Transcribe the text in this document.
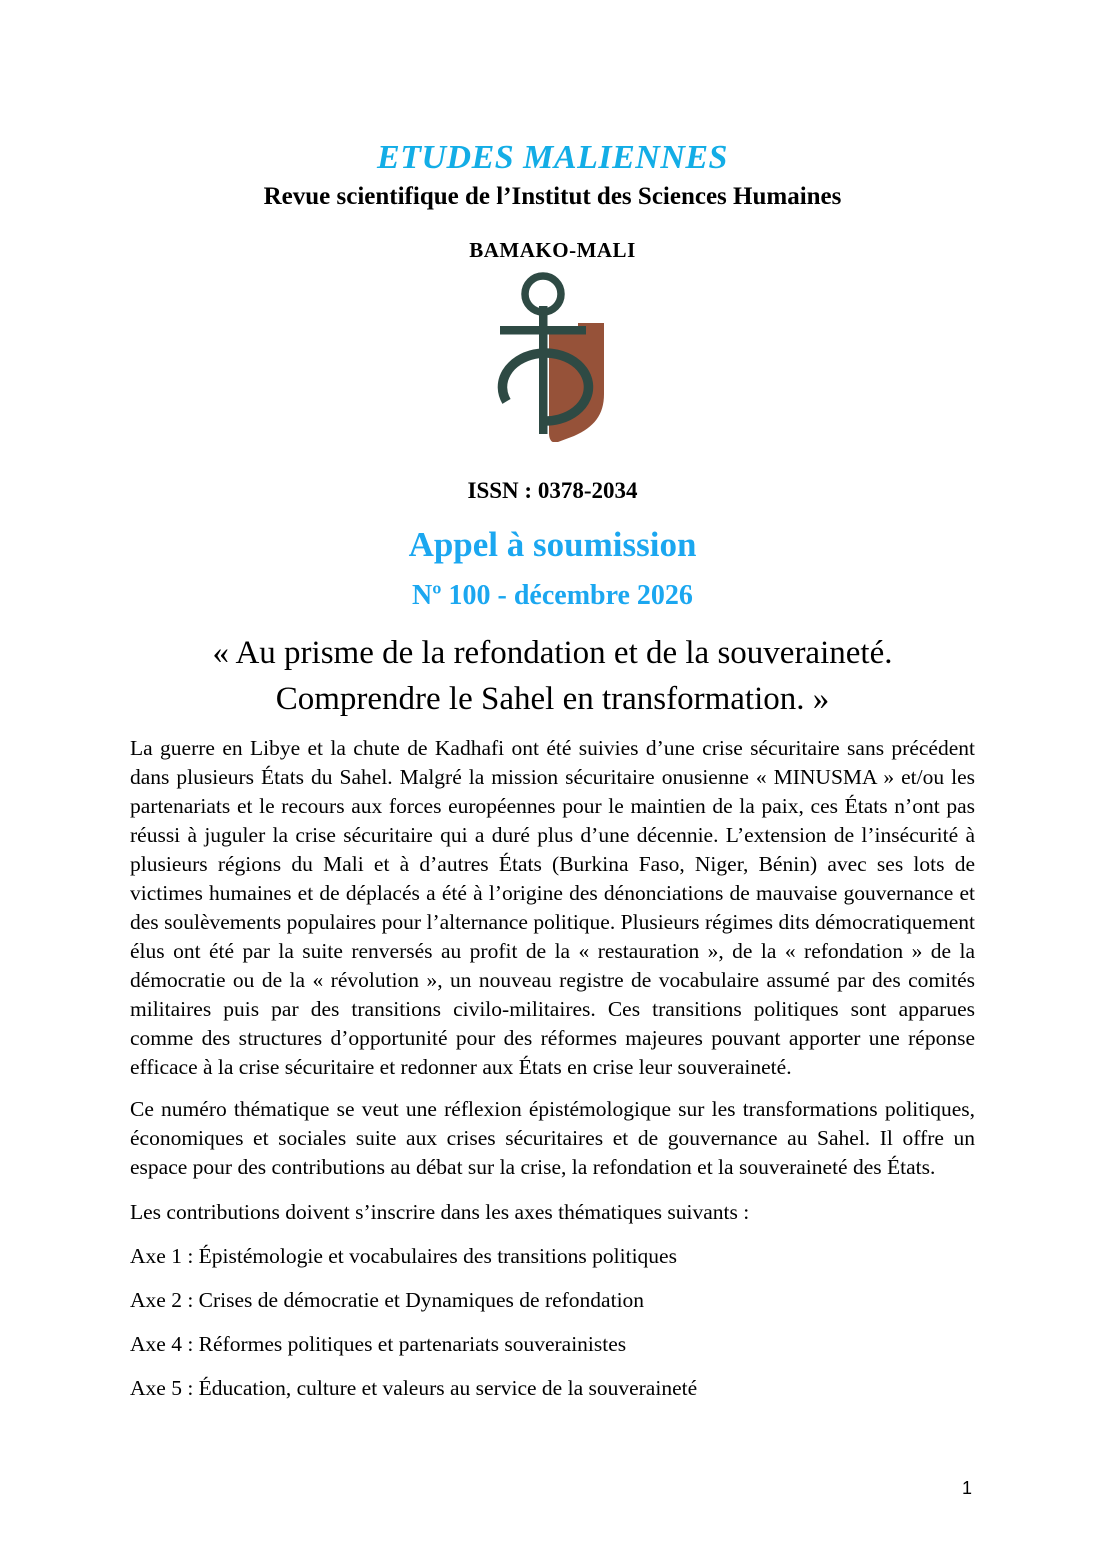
ETUDES MALIENNES
Revue scientifique de l’Institut des Sciences Humaines
BAMAKO-MALI
ISSN : 0378-2034
Appel à soumission
Nº 100 - décembre 2026
« Au prisme de la refondation et de la souveraineté.
Comprendre le Sahel en transformation. »

La guerre en Libye et la chute de Kadhafi ont été suivies d’une crise sécuritaire sans précédent dans plusieurs États du Sahel. Malgré la mission sécuritaire onusienne « MINUSMA » et/ou les partenariats et le recours aux forces européennes pour le maintien de la paix, ces États n’ont pas réussi à juguler la crise sécuritaire qui a duré plus d’une décennie. L’extension de l’insécurité à plusieurs régions du Mali et à d’autres États (Burkina Faso, Niger, Bénin) avec ses lots de victimes humaines et de déplacés a été à l’origine des dénonciations de mauvaise gouvernance et des soulèvements populaires pour l’alternance politique. Plusieurs régimes dits démocratiquement élus ont été par la suite renversés au profit de la « restauration », de la « refondation » de la démocratie ou de la « révolution », un nouveau registre de vocabulaire assumé par des comités militaires puis par des transitions civilo-militaires. Ces transitions politiques sont apparues comme des structures d’opportunité pour des réformes majeures pouvant apporter une réponse efficace à la crise sécuritaire et redonner aux États en crise leur souveraineté.

Ce numéro thématique se veut une réflexion épistémologique sur les transformations politiques, économiques et sociales suite aux crises sécuritaires et de gouvernance au Sahel. Il offre un espace pour des contributions au débat sur la crise, la refondation et la souveraineté des États.

Les contributions doivent s’inscrire dans les axes thématiques suivants :
Axe 1 : Épistémologie et vocabulaires des transitions politiques
Axe 2 : Crises de démocratie et Dynamiques de refondation
Axe 4 : Réformes politiques et partenariats souverainistes
Axe 5 : Éducation, culture et valeurs au service de la souveraineté
1
